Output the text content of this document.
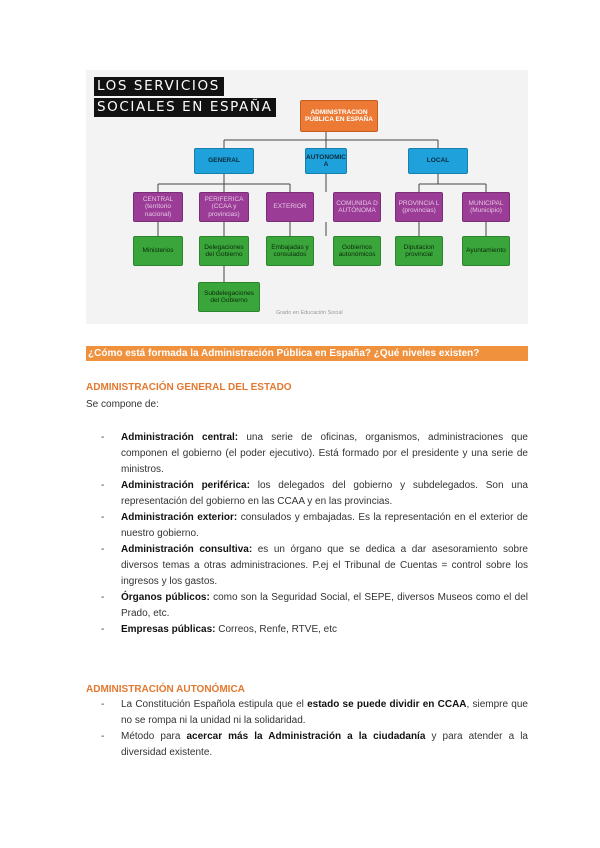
LOS SERVICIOS
SOCIALES EN ESPAÑA	ADMINISTRACION PÚBLICA EN ESPAÑA
GENERAL
AUTONOMIC A
LOCAL
CENTRAL (territorio nacional)
PERIFERICA (CCAA y provincias)
EXTERIOR
COMUNIDA D AUTÓNOMA
PROVINCIA L (provincias)
MUNICIPAL (Municipio)
Ministerios
Delegaciones del Gobierno
Embajadas y consulados
Gobiernos autonómicos
Diputacion provincial
Ayuntamiento
Subdelegaciones del Gobierno
Grado en Educación Social
¿Cómo está formada la Administración Pública en España? ¿Qué niveles existen?
ADMINISTRACIÓN GENERAL DEL ESTADO
Se compone de:
- Administración central: una serie de oficinas, organismos, administraciones que componen el gobierno (el poder ejecutivo). Está formado por el presidente y una serie de ministros.
- Administración periférica: los delegados del gobierno y subdelegados. Son una representación del gobierno en las CCAA y en las provincias.
- Administración exterior: consulados y embajadas. Es la representación en el exterior de nuestro gobierno.
- Administración consultiva: es un órgano que se dedica a dar asesoramiento sobre diversos temas a otras administraciones. P.ej el Tribunal de Cuentas = control sobre los ingresos y los gastos.
- Órganos públicos: como son la Seguridad Social, el SEPE, diversos Museos como el del Prado, etc.
- Empresas públicas: Correos, Renfe, RTVE, etc
ADMINISTRACIÓN AUTONÓMICA
- La Constitución Española estipula que el estado se puede dividir en CCAA, siempre que no se rompa ni la unidad ni la solidaridad.
- Método para acercar más la Administración a la ciudadanía y para atender a la diversidad existente.
